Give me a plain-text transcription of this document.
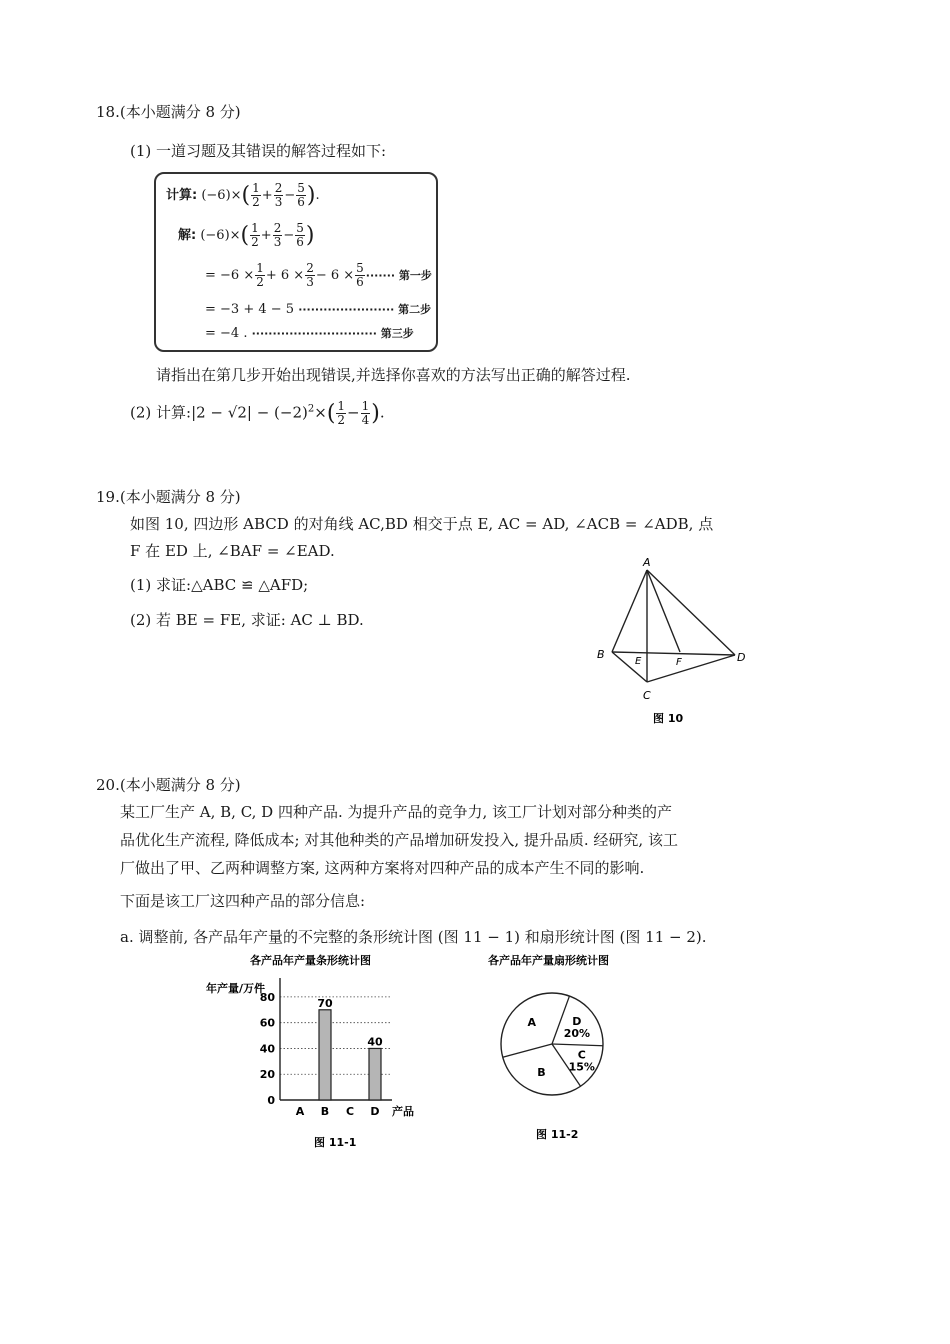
18.(本小题满分 8 分)
(1) 一道习题及其错误的解答过程如下:
计算: $(-6)\times( \frac{1}{2} + \frac{2}{3} - \frac{5}{6}$ ).
解: $(-6)\times( \frac{1}{2} + \frac{2}{3} - \frac{5}{6}$ )
= $-6 \times \frac{1}{2} + 6 \times \frac{2}{3} - 6 \times \frac{5}{6}$ ······· 第一步
= −3 + 4 − 5 ······················· 第二步
= −4 . ······························ 第三步
请指出在第几步开始出现错误,并选择你喜欢的方法写出正确的解答过程.
(2) 计算:|2 − $√2| - (-2)^2\times( \frac{1}{2} - \frac{1}{4}$ ).
19.(本小题满分 8 分)
如图 10, 四边形 ABCD 的对角线 AC,BD 相交于点 E, AC = AD, ∠ACB = ∠ADB, 点
F 在 ED 上, ∠BAF = ∠EAD.
(1) 求证:△ABC ≌ △AFD;
(2) 若 BE = FE, 求证: AC ⊥ BD.
A
B
C
D
E	F
图 10
20.(本小题满分 8 分)
某工厂生产 A, B, C, D 四种产品. 为提升产品的竞争力, 该工厂计划对部分种类的产
品优化生产流程, 降低成本; 对其他种类的产品增加研发投入, 提升品质. 经研究, 该工
厂做出了甲、乙两种调整方案, 这两种方案将对四种产品的成本产生不同的影响.
下面是该工厂这四种产品的部分信息:
a. 调整前, 各产品年产量的不完整的条形统计图 (图 11 − 1) 和扇形统计图 (图 11 − 2).
各产品年产量条形统计图
年产量/万件
0
20
40
60
80
A B
70
C D
40
产品
图 11-1
各产品年产量扇形统计图
D
20%
C
15%
B
A
图 11-2
